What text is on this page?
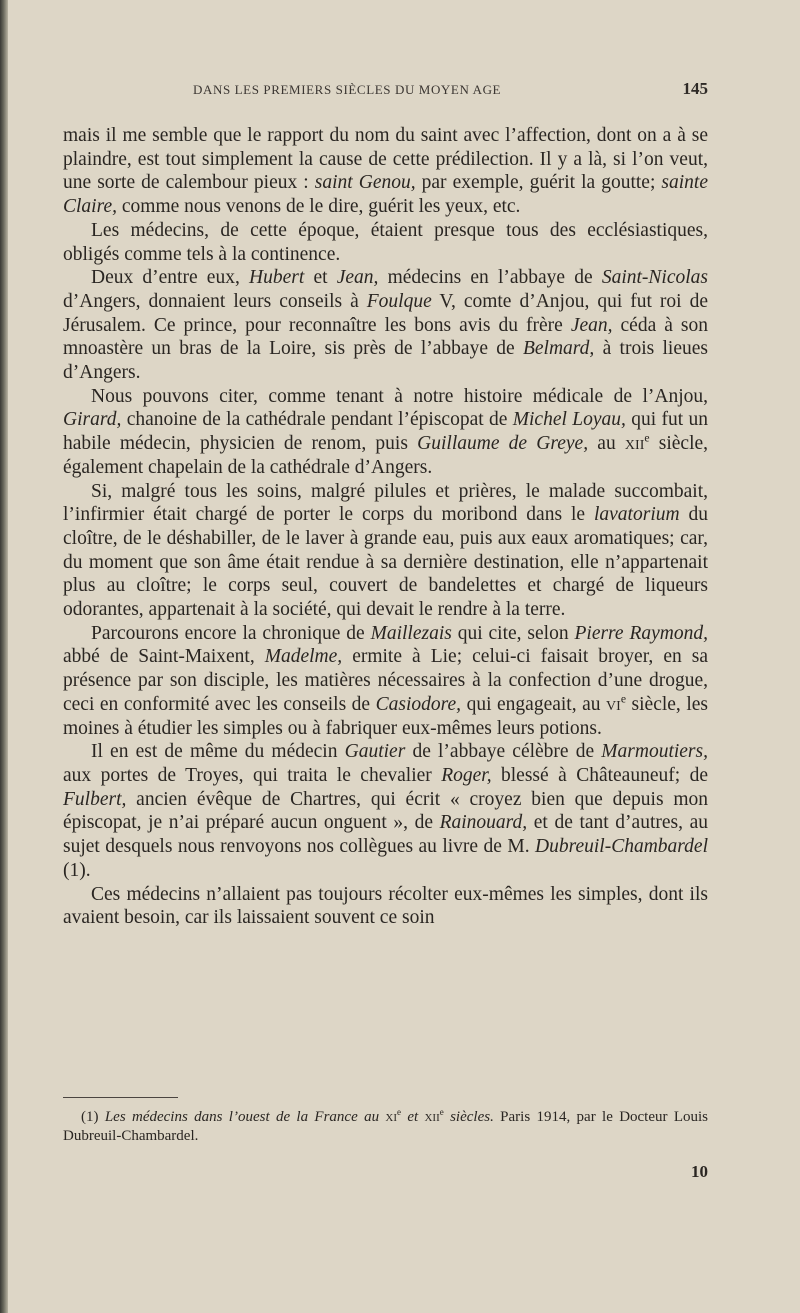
DANS LES PREMIERS SIÈCLES DU MOYEN AGE	145

mais il me semble que le rapport du nom du saint avec l’affection, dont on a à se plaindre, est tout simplement la cause de cette prédilection. Il y a là, si l’on veut, une sorte de calembour pieux : saint Genou, par exemple, guérit la goutte; sainte Claire, comme nous venons de le dire, guérit les yeux, etc.

Les médecins, de cette époque, étaient presque tous des ecclésiastiques, obligés comme tels à la continence.

Deux d’entre eux, Hubert et Jean, médecins en l’abbaye de Saint-Nicolas d’Angers, donnaient leurs conseils à Foulque V, comte d’Anjou, qui fut roi de Jérusalem. Ce prince, pour reconnaître les bons avis du frère Jean, céda à son mnoastère un bras de la Loire, sis près de l’abbaye de Belmard, à trois lieues d’Angers.

Nous pouvons citer, comme tenant à notre histoire médicale de l’Anjou, Girard, chanoine de la cathédrale pendant l’épiscopat de Michel Loyau, qui fut un habile médecin, physicien de renom, puis Guillaume de Greye, au xii$^e$ siècle, également chapelain de la cathédrale d’Angers.

Si, malgré tous les soins, malgré pilules et prières, le malade succombait, l’infirmier était chargé de porter le corps du moribond dans le lavatorium du cloître, de le déshabiller, de le laver à grande eau, puis aux eaux aromatiques; car, du moment que son âme était rendue à sa dernière destination, elle n’appartenait plus au cloître; le corps seul, couvert de bandelettes et chargé de liqueurs odorantes, appartenait à la société, qui devait le rendre à la terre.

Parcourons encore la chronique de Maillezais qui cite, selon Pierre Raymond, abbé de Saint-Maixent, Madelme, ermite à Lie; celui-ci faisait broyer, en sa présence par son disciple, les matières nécessaires à la confection d’une drogue, ceci en conformité avec les conseils de Casiodore, qui engageait, au $vi^e$ siècle, les moines à étudier les simples ou à fabriquer eux-mêmes leurs potions.

Il en est de même du médecin Gautier de l’abbaye célèbre de Marmoutiers, aux portes de Troyes, qui traita le chevalier Roger, blessé à Châteauneuf; de Fulbert, ancien évêque de Chartres, qui écrit « croyez bien que depuis mon épiscopat, je n’ai préparé aucun onguent », de Rainouard, et de tant d’autres, au sujet desquels nous renvoyons nos collègues au livre de M. Dubreuil-Chambardel (1).

Ces médecins n’allaient pas toujours récolter eux-mêmes les simples, dont ils avaient besoin, car ils laissaient souvent ce soin

(1) Les médecins dans l’ouest de la France au $xi^e$ et xii$^e$ siècles. Paris 1914, par le Docteur Louis Dubreuil-Chambardel.

10
